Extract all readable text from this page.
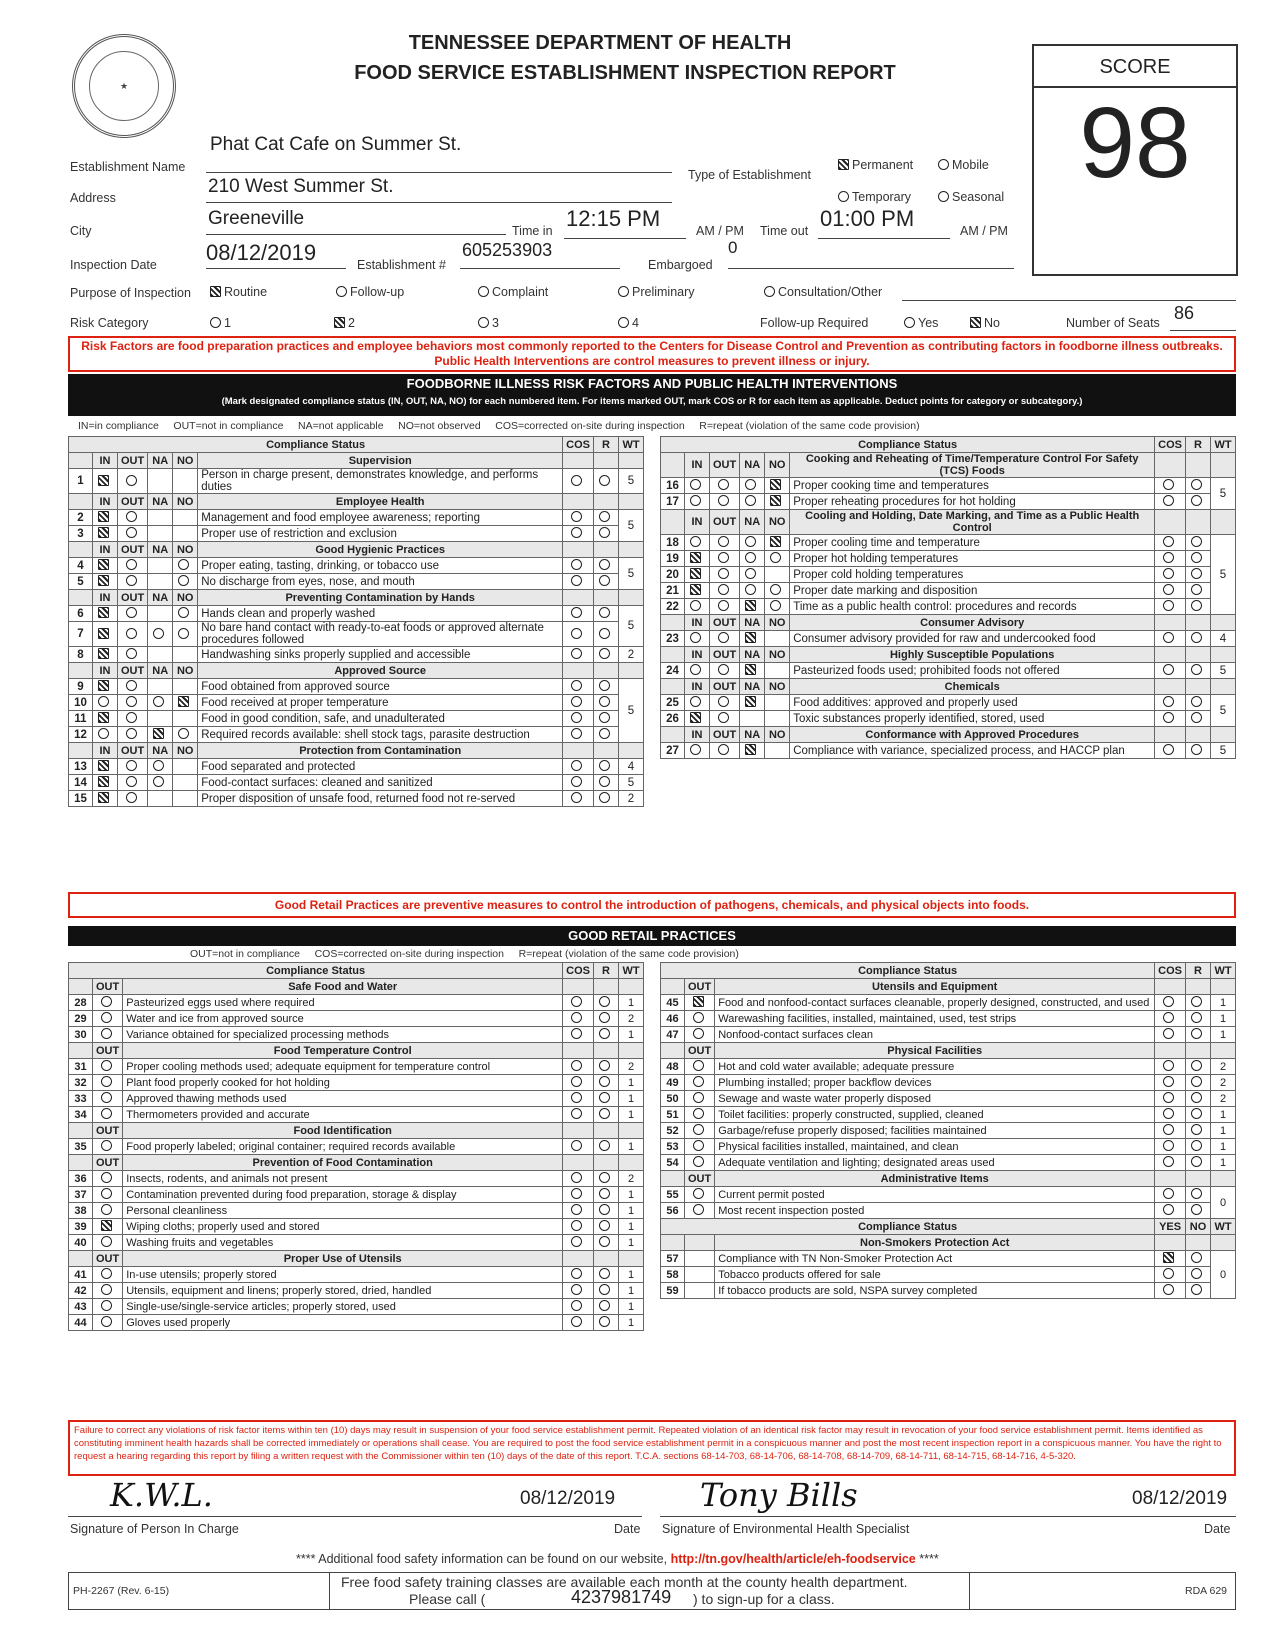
★
TENNESSEE DEPARTMENT OF HEALTH
FOOD SERVICE ESTABLISHMENT INSPECTION REPORT	SCORE
98
Establishment Name
Phat Cat Cafe on Summer St.
Address
210 West Summer St.
City
Greeneville
Inspection Date 08/12/2019	Establishment #
605253903
Embargoed
0
Type of Establishment
Permanent	Mobile
Temporary	Seasonal
Time in 12:15 PM	AM / PM Time out 01:00 PM	AM / PM
Purpose of Inspection	Routine	Follow-up	Complaint	Preliminary	Consultation/Other
Risk Category	1	2	3	4	Follow-up Required	Yes	No	Number of Seats 86
Risk Factors are food preparation practices and employee behaviors most commonly reported to the Centers for Disease Control and Prevention as contributing factors in foodborne illness outbreaks. Public Health Interventions are control measures to prevent illness or injury.
FOODBORNE ILLNESS RISK FACTORS AND PUBLIC HEALTH INTERVENTIONS
(Mark designated compliance status (IN, OUT, NA, NO) for each numbered item. For items marked OUT, mark COS or R for each item as applicable. Deduct points for category or subcategory.)
IN=in compliance     OUT=not in compliance     NA=not applicable     NO=not observed     COS=corrected on-site during inspection     R=repeat (violation of the same code provision)
Compliance Status						COS	R	WT
	IN	OUT	NA	NO	Supervision			
1					Person in charge present, demonstrates knowledge, and performs duties			5
	IN	OUT	NA	NO	Employee Health			
2					Management and food employee awareness; reporting			5
3					Proper use of restriction and exclusion			
	IN	OUT	NA	NO	Good Hygienic Practices			
4					Proper eating, tasting, drinking, or tobacco use			5
5					No discharge from eyes, nose, and mouth			
	IN	OUT	NA	NO	Preventing Contamination by Hands			
6					Hands clean and properly washed			5
7					No bare hand contact with ready-to-eat foods or approved alternate procedures followed			
8					Handwashing sinks properly supplied and accessible			2
	IN	OUT	NA	NO	Approved Source			
9					Food obtained from approved source			5
10					Food received at proper temperature			
11					Food in good condition, safe, and unadulterated			
12					Required records available: shell stock tags, parasite destruction			
	IN	OUT	NA	NO	Protection from Contamination			
13					Food separated and protected			4
14					Food-contact surfaces: cleaned and sanitized			5
15					Proper disposition of unsafe food, returned food not re-served			2
Compliance Status						COS	R	WT
	IN	OUT	NA	NO	Cooking and Reheating of Time/Temperature Control For Safety (TCS) Foods			
16					Proper cooking time and temperatures			5
17					Proper reheating procedures for hot holding			
	IN	OUT	NA	NO	Cooling and Holding, Date Marking, and Time as a Public Health Control			
18					Proper cooling time and temperature			5
19					Proper hot holding temperatures			
20					Proper cold holding temperatures			
21					Proper date marking and disposition			
22					Time as a public health control: procedures and records			
	IN	OUT	NA	NO	Consumer Advisory			
23					Consumer advisory provided for raw and undercooked food			4
	IN	OUT	NA	NO	Highly Susceptible Populations			
24					Pasteurized foods used; prohibited foods not offered			5
	IN	OUT	NA	NO	Chemicals			
25					Food additives: approved and properly used			5
26					Toxic substances properly identified, stored, used			
	IN	OUT	NA	NO	Conformance with Approved Procedures			
27					Compliance with variance, specialized process, and HACCP plan			5
Good Retail Practices are preventive measures to control the introduction of pathogens, chemicals, and physical objects into foods.
GOOD RETAIL PRACTICES
OUT=not in compliance     COS=corrected on-site during inspection     R=repeat (violation of the same code provision)
Compliance Status			COS	R	WT
	OUT	Safe Food and Water			
28		Pasteurized eggs used where required			1
29		Water and ice from approved source			2
30		Variance obtained for specialized processing methods			1
	OUT	Food Temperature Control			
31		Proper cooling methods used; adequate equipment for temperature control			2
32		Plant food properly cooked for hot holding			1
33		Approved thawing methods used			1
34		Thermometers provided and accurate			1
	OUT	Food Identification			
35		Food properly labeled; original container; required records available			1
	OUT	Prevention of Food Contamination			
36		Insects, rodents, and animals not present			2
37		Contamination prevented during food preparation, storage & display			1
38		Personal cleanliness			1
39		Wiping cloths; properly used and stored			1
40		Washing fruits and vegetables			1
	OUT	Proper Use of Utensils			
41		In-use utensils; properly stored			1
42		Utensils, equipment and linens; properly stored, dried, handled			1
43		Single-use/single-service articles; properly stored, used			1
44		Gloves used properly			1
Compliance Status			COS	R	WT
	OUT	Utensils and Equipment			
45		Food and nonfood-contact surfaces cleanable, properly designed, constructed, and used			1
46		Warewashing facilities, installed, maintained, used, test strips			1
47		Nonfood-contact surfaces clean			1
	OUT	Physical Facilities			
48		Hot and cold water available; adequate pressure			2
49		Plumbing installed; proper backflow devices			2
50		Sewage and waste water properly disposed			2
51		Toilet facilities: properly constructed, supplied, cleaned			1
52		Garbage/refuse properly disposed; facilities maintained			1
53		Physical facilities installed, maintained, and clean			1
54		Adequate ventilation and lighting; designated areas used			1
	OUT	Administrative Items			
55		Current permit posted			0
56		Most recent inspection posted			
Compliance Status			YES	NO	WT
		Non-Smokers Protection Act			
57		Compliance with TN Non-Smoker Protection Act			0
58		Tobacco products offered for sale			
59		If tobacco products are sold, NSPA survey completed			
Failure to correct any violations of risk factor items within ten (10) days may result in suspension of your food service establishment permit. Repeated violation of an identical risk factor may result in revocation of your food service establishment permit. Items identified as constituting imminent health hazards shall be corrected immediately or operations shall cease. You are required to post the food service establishment permit in a conspicuous manner and post the most recent inspection report in a conspicuous manner. You have the right to request a hearing regarding this report by filing a written request with the Commissioner within ten (10) days of the date of this report. T.C.A. sections 68-14-703, 68-14-706, 68-14-708, 68-14-709, 68-14-711, 68-14-715, 68-14-716, 4-5-320.
K.W.L.	08/12/2019
Signature of Person In Charge	Date
Tony Bills	08/12/2019
Signature of Environmental Health Specialist	Date
**** Additional food safety information can be found on our website, http://tn.gov/health/article/eh-foodservice ****
PH-2267 (Rev. 6-15)
Free food safety training classes are available each month at the county health department.
Please call (	4237981749	) to sign-up for a class.	RDA 629
